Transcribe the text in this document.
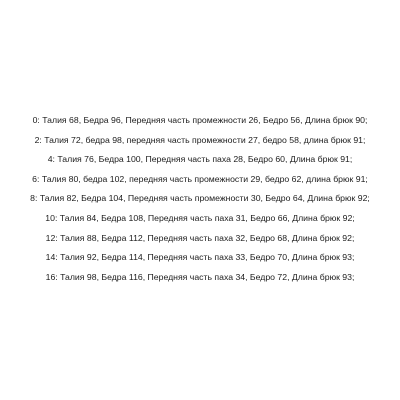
0: Талия 68, Бедра 96, Передняя часть промежности 26, Бедро 56, Длина брюк 90;
2: Талия 72, бедра 98, передняя часть промежности 27, бедро 58, длина брюк 91;
4: Талия 76, Бедра 100, Передняя часть паха 28, Бедро 60, Длина брюк 91;
6: Талия 80, бедра 102, передняя часть промежности 29, бедро 62, длина брюк 91;
8: Талия 82, Бедра 104, Передняя часть промежности 30, Бедро 64, Длина брюк 92;
10: Талия 84, Бедра 108, Передняя часть паха 31, Бедро 66, Длина брюк 92;
12: Талия 88, Бедра 112, Передняя часть паха 32, Бедро 68, Длина брюк 92;
14: Талия 92, Бедра 114, Передняя часть паха 33, Бедро 70, Длина брюк 93;
16: Талия 98, Бедра 116, Передняя часть паха 34, Бедро 72, Длина брюк 93;
